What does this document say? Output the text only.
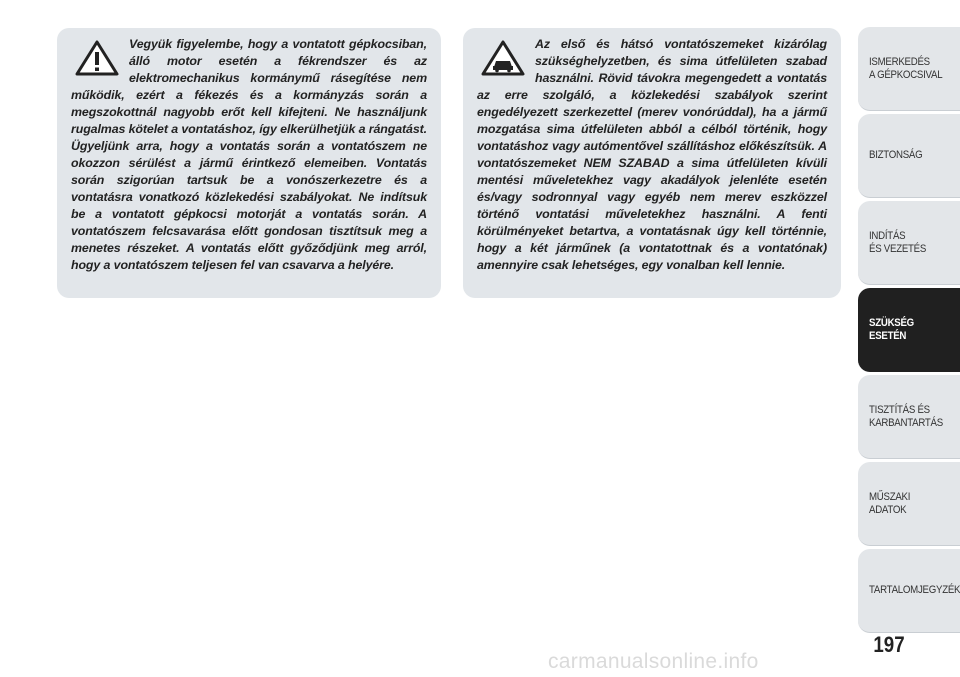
Vegyük figyelembe, hogy a vontatott gépkocsiban, álló motor esetén a fékrendszer és az elektromechanikus kormánymű rásegítése nem működik, ezért a fékezés és a kormányzás során a megszokottnál nagyobb erőt kell kifejteni. Ne használjunk rugalmas kötelet a vontatáshoz, így elkerülhetjük a rángatást. Ügyeljünk arra, hogy a vontatás során a vontatószem ne okozzon sérülést a jármű érintkező elemeiben. Vontatás során szigorúan tartsuk be a vonószerkezetre és a vontatásra vonatkozó közlekedési szabályokat. Ne indítsuk be a vontatott gépkocsi motorját a vontatás során. A vontatószem felcsavarása előtt gondosan tisztítsuk meg a menetes részeket. A vontatás előtt győződjünk meg arról, hogy a vontatószem teljesen fel van csavarva a helyére.

Az első és hátsó vontatószemeket kizárólag szükséghelyzetben, és sima útfelületen szabad használni. Rövid távokra megengedett a vontatás az erre szolgáló, a közlekedési szabályok szerint engedélyezett szerkezettel (merev vonórúddal), ha a jármű mozgatása sima útfelületen abból a célból történik, hogy vontatáshoz vagy autómentővel szállításhoz előkészítsük. A vontatószemeket NEM SZABAD a sima útfelületen kívüli mentési műveletekhez vagy akadályok jelenléte esetén és/vagy sodronnyal vagy egyéb nem merev eszközzel történő vontatási műveletekhez használni. A fenti körülményeket betartva, a vontatásnak úgy kell történnie, hogy a két járműnek (a vontatottnak és a vontatónak) amennyire csak lehetséges, egy vonalban kell lennie.

ISMERKEDÉS
A GÉPKOCSIVAL
BIZTONSÁG
INDÍTÁS
ÉS VEZETÉS
SZÜKSÉG
ESETÉN
TISZTÍTÁS ÉS
KARBANTARTÁS
MŰSZAKI
ADATOK
TARTALOMJEGYZÉK
197
carmanualsonline.info
